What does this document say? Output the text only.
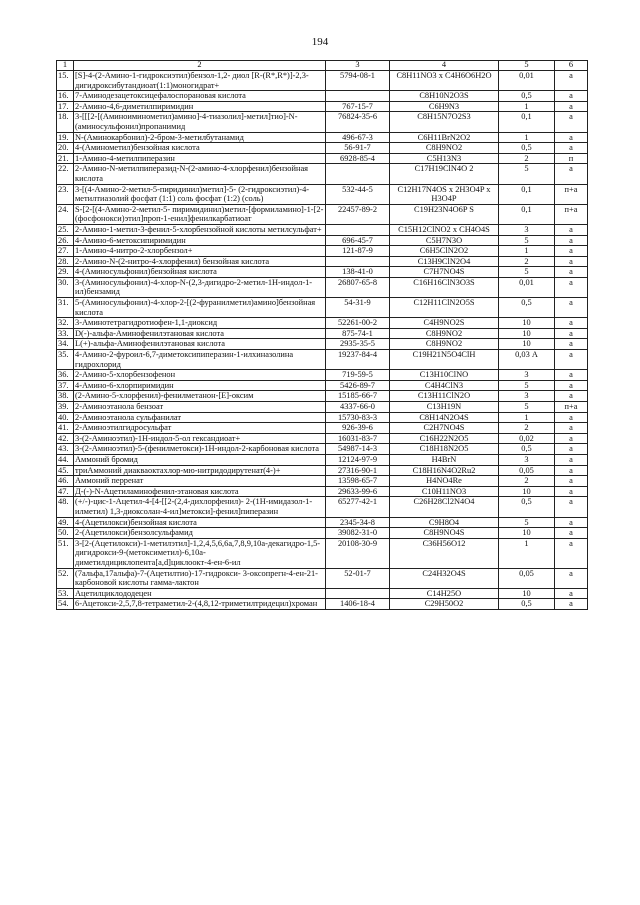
194
1	2	3	4	5	6
15.	[S]-4-(2-Амино-1-гидроксиэтил)бензол-1,2- диол [R-(R*,R*)]-2,3-дигидроксибутандиоат(1:1)моногидрат+	5794-08-1	C8H11NO3 x C4H6O6H2O	0,01	а
16.	7-Аминодезацетоксицефалоспорановая кислота		C8H10N2O3S	0,5	а
17.	2-Амино-4,6-диметилпиримидин	767-15-7	C6H9N3	1	а
18.	3-[[[2-[(Аминоиминометил)амино]-4-тиазолил]-метил]тио]-N-(аминосульфонил)пропанимид	76824-35-6	C8H15N7O2S3	0,1	а
19.	N-(Аминокарбонил)-2-бром-3-метилбутанамид	496-67-3	C6H11BrN2O2	1	а
20.	4-(Аминометил)бензойная кислота	56-91-7	C8H9NO2	0,5	а
21.	1-Амино-4-метилпиперазин	6928-85-4	C5H13N3	2	п
22.	2-Амино-N-метилпиперазид-N-(2-амино-4-хлорфенил)бензойная кислота		C17H19ClN4O 2	5	а
23.	3-[(4-Амино-2-метил-5-пиридинил)метил]-5- (2-гидроксиэтил)-4- метилтиазолий фосфат (1:1) соль фосфат (1:2) (соль)	532-44-5	C12H17N4OS x 2H3O4P x H3O4P	0,1	п+а
24.	S-[2-[(4-Амино-2-метил-5- пиримидинил)метил-[формиламино]-1-[2- (фосфонокси)этил]проп-1-енил]фенилкарбатиоат	22457-89-2	C19H23N4O6P S	0,1	п+а
25.	2-Амино-1-метил-3-фенил-5-хлорбензойной кислоты метилсульфат+		C15H12ClNO2 x CH4O4S	3	а
26.	4-Амино-6-метоксипиримидин	696-45-7	C5H7N3O	5	а
27.	1-Амино-4-нитро-2-хлорбензол+	121-87-9	C6H5ClN2O2	1	а
28.	2-Амино-N-(2-нитро-4-хлорфенил) бензойная кислота		C13H9ClN2O4	2	а
29.	4-(Аминосульфонил)бензойная кислота	138-41-0	C7H7NO4S	5	а
30.	3-(Аминосульфонил)-4-хлор-N-(2,3-дигидро-2-метил-1H-индол-1-ил)бензамид	26807-65-8	C16H16ClN3O3S	0,01	а
31.	5-(Аминосульфонил)-4-хлор-2-[(2-фуранилметил)амино]бензойная кислота	54-31-9	C12H11ClN2O5S	0,5	а
32.	3-Аминотетрагидротиофен-1,1-диоксид	52261-00-2	C4H9NO2S	10	а
33.	D(-)-альфа-Аминофенилэтановая кислота	875-74-1	C8H9NO2	10	а
34.	L(+)-альфа-Аминофенилэтановая кислота	2935-35-5	C8H9NO2	10	а
35.	4-Амино-2-фуроил-6,7-диметоксипиперазин-1-илхиназолина гидрохлорид	19237-84-4	C19H21N5O4ClH	0,03 А	а
36.	2-Амино-5-хлорбензофенон	719-59-5	C13H10ClNO	3	а
37.	4-Амино-6-хлорпиримидин	5426-89-7	C4H4ClN3	5	а
38.	(2-Амино-5-хлорфенил)-фенилметанон-[E]-оксим	15185-66-7	C13H11ClN2O	3	а
39.	2-Аминоэтанола бензоат	4337-66-0	C13H19N	5	п+а
40.	2-Аминоэтанола сульфанилат	15730-83-3	C8H14N2O4S	1	а
41.	2-Аминоэтилгидросульфат	926-39-6	C2H7NO4S	2	а
42.	3-(2-Аминоэтил)-1H-индол-5-ол гександиоат+	16031-83-7	C16H22N2O5	0,02	а
43.	3-(2-Аминоэтил)-5-(фенилметокси)-1H-индол-2-карбоновая кислота	54987-14-3	C18H18N2O5	0,5	а
44.	Аммоний бромид	12124-97-9	H4BrN	3	а
45.	триАммоний диаквaоктахлор-мю-нитридодирутенат(4-)+	27316-90-1	C18H16N4O2Ru2	0,05	а
46.	Аммоний перренат	13598-65-7	H4NO4Re	2	а
47.	Д-(-)-N-Ацетиламинофенил-этановая кислота	29633-99-6	C10H11NO3	10	а
48.	(+/-)-цис-1-Ацетил-4-[4-[[2-(2,4-дихлорфенил)- 2-(1H-имидазол-1-илметил) 1,3-диоксолан-4-ил]метокси]-фенил]пиперазин	65277-42-1	C26H28Cl2N4O4	0,5	а
49.	4-(Ацетилокси)бензойная кислота	2345-34-8	C9H8O4	5	а
50.	2-(Ацетилокси)бензолсульфамид	39082-31-0	C8H9NO4S	10	а
51.	3-[2-(Ацетилокси)-1-метилэтил]-1,2,4,5,6,6a,7,8,9,10a-декагидро-1,5-дигидрокси-9-(метоксиметил)-6,10a-диметилдициклопента[a,d]циклоокт-4-ен-6-ил	20108-30-9	C36H56O12	1	а
52.	(7альфа,17альфа)-7-(Ацетилтио)-17-гидрокси- 3-оксопрегн-4-ен-21-карбоновой кислоты гамма-лактон	52-01-7	C24H32O4S	0,05	а
53.	Ацетилциклододецен		C14H25O	10	а
54.	6-Ацетокси-2,5,7,8-тетраметил-2-(4,8,12-триметилтридецил)хроман	1406-18-4	C29H50O2	0,5	а
